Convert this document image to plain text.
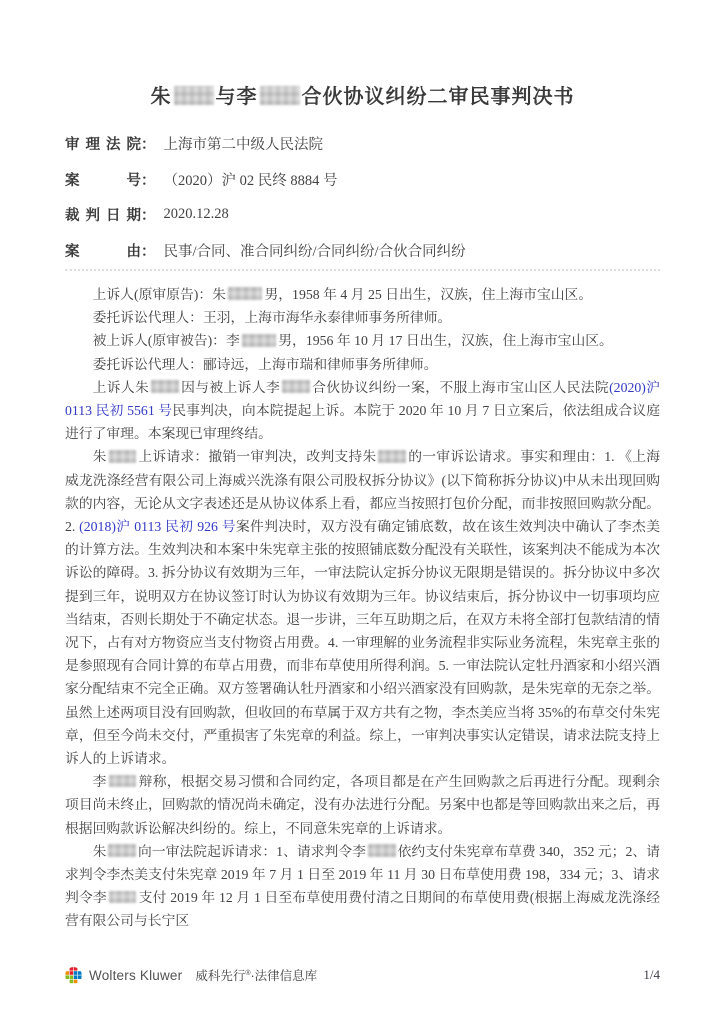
朱 与李 合伙协议纠纷二审民事判决书
审理法院： 上海市第二中级人民法院
案号： （2020）沪 02 民终 8884 号
裁判日期： 2020.12.28
案由： 民事/合同、准合同纠纷/合同纠纷/合伙合同纠纷

上诉人(原审原告)：朱	男，1958 年 4 月 25 日出生，汉族，住上海市宝山区。

委托诉讼代理人：王羽，上海市海华永泰律师事务所律师。

被上诉人(原审被告)：李	男，1956 年 10 月 17 日出生，汉族，住上海市宝山区。

委托诉讼代理人：郦诗远，上海市瑞和律师事务所律师。

上诉人朱 因与被上诉人李 合伙协议纠纷一案，不服上海市宝山区人民法院(2020)沪 0113 民初 5561 号民事判决，向本院提起上诉。本院于 2020 年 10 月 7 日立案后，依法组成合议庭进行了审理。本案现已审理终结。

朱 上诉请求：撤销一审判决，改判支持朱 的一审诉讼请求。事实和理由：1. 《上海威龙洗涤经营有限公司上海威兴洗涤有限公司股权拆分协议》(以下简称拆分协议)中从未出现回购款的内容，无论从文字表述还是从协议体系上看，都应当按照打包价分配，而非按照回购款分配。2. (2018)沪 0113 民初 926 号案件判决时，双方没有确定铺底数，故在该生效判决中确认了李杰美的计算方法。生效判决和本案中朱宪章主张的按照铺底数分配没有关联性，该案判决不能成为本次诉讼的障碍。3. 拆分协议有效期为三年，一审法院认定拆分协议无限期是错误的。拆分协议中多次提到三年，说明双方在协议签订时认为协议有效期为三年。协议结束后，拆分协议中一切事项均应当结束，否则长期处于不确定状态。退一步讲，三年互助期之后，在双方未将全部打包款结清的情况下，占有对方物资应当支付物资占用费。4. 一审理解的业务流程非实际业务流程，朱宪章主张的是参照现有合同计算的布草占用费，而非布草使用所得利润。5. 一审法院认定牡丹酒家和小绍兴酒家分配结束不完全正确。双方签署确认牡丹酒家和小绍兴酒家没有回购款，是朱宪章的无奈之举。虽然上述两项目没有回购款，但收回的布草属于双方共有之物，李杰美应当将 35%的布草交付朱宪章，但至今尚未交付，严重损害了朱宪章的利益。综上，一审判决事实认定错误，请求法院支持上诉人的上诉请求。

李 辩称，根据交易习惯和合同约定，各项目都是在产生回购款之后再进行分配。现剩余项目尚未终止，回购款的情况尚未确定，没有办法进行分配。另案中也都是等回购款出来之后，再根据回购款诉讼解决纠纷的。综上，不同意朱宪章的上诉请求。

朱 向一审法院起诉请求：1、请求判令李 依约支付朱宪章布草费 340，352 元；2、请求判令李杰美支付朱宪章 2019 年 7 月 1 日至 2019 年 11 月 30 日布草使用费 198，334 元；3、请求判令李 支付 2019 年 12 月 1 日至布草使用费付清之日期间的布草使用费(根据上海威龙洗涤经营有限公司与长宁区

Wolters Kluwer 威科先行®·法律信息库	1/4
